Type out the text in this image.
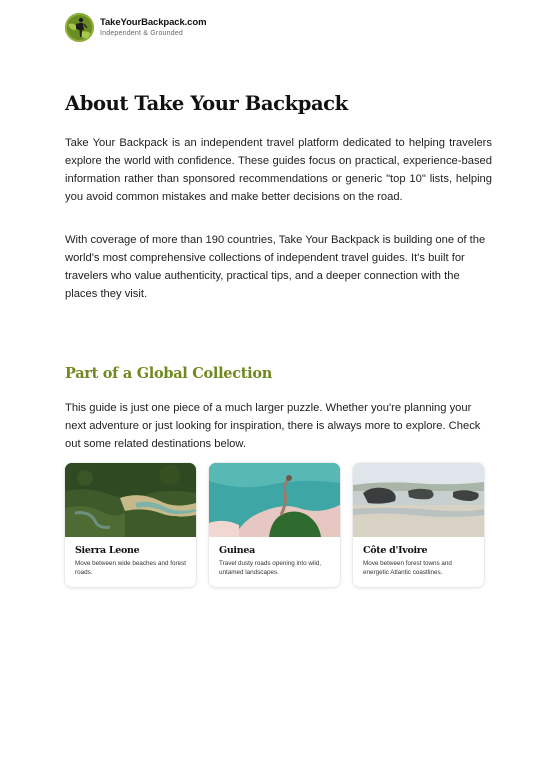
TakeYourBackpack.com
Independent & Grounded
About Take Your Backpack

Take Your Backpack is an independent travel platform dedicated to helping travelers explore the world with confidence. These guides focus on practical, experience-based information rather than sponsored recommendations or generic "top 10" lists, helping you avoid common mistakes and make better decisions on the road.

With coverage of more than 190 countries, Take Your Backpack is building one of the world's most comprehensive collections of independent travel guides. It's built for travelers who value authenticity, practical tips, and a deeper connection with the places they visit.

Part of a Global Collection

This guide is just one piece of a much larger puzzle. Whether you're planning your next adventure or just looking for inspiration, there is always more to explore. Check out some related destinations below.

Sierra Leone
Move between wide beaches and forest roads.
Guinea
Travel dusty roads opening into wild, untamed landscapes.
Côte d'Ivoire
Move between forest towns and energetic Atlantic coastlines.
